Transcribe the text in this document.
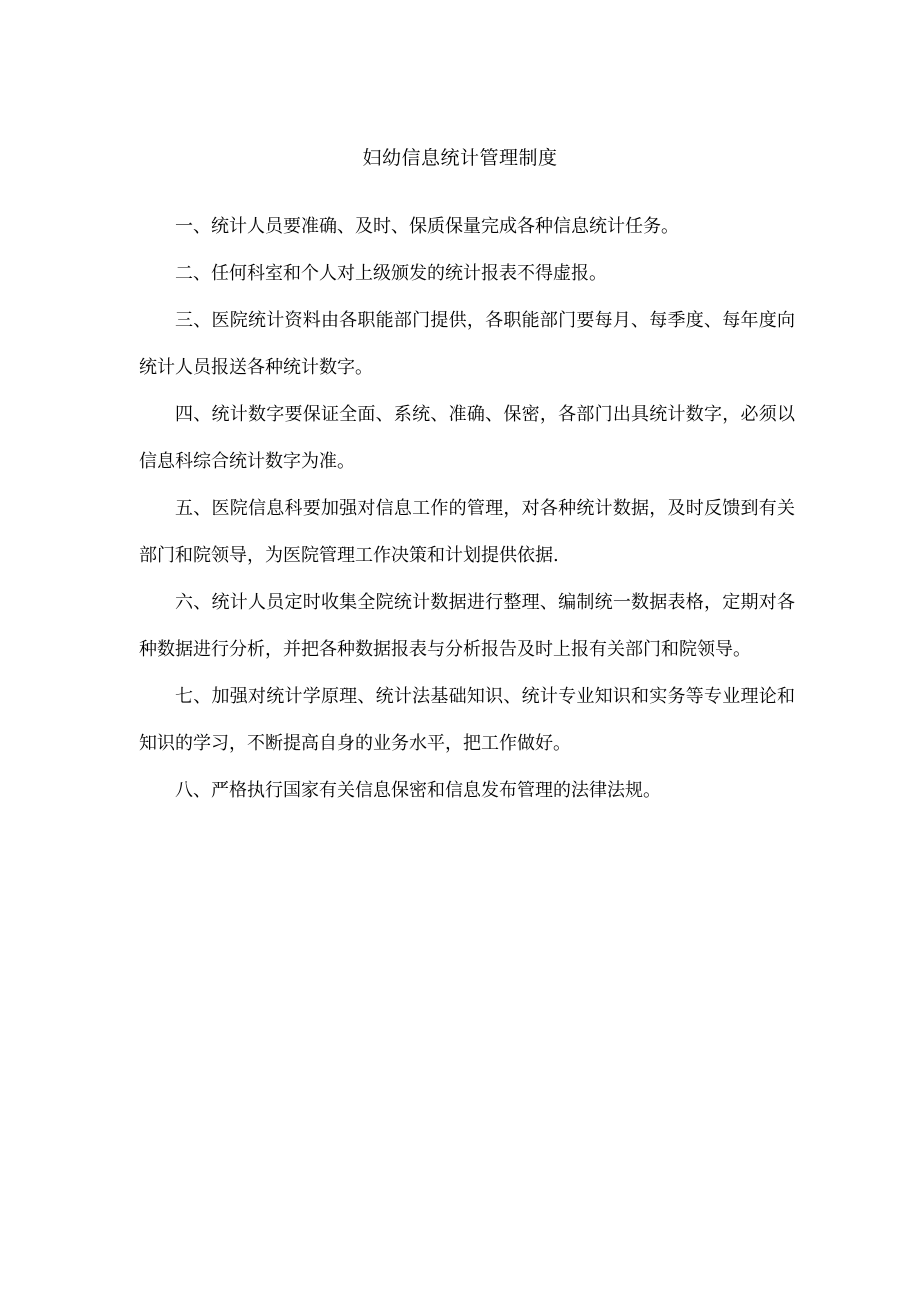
妇幼信息统计管理制度

一、统计人员要准确、及时、保质保量完成各种信息统计任务。

二、任何科室和个人对上级颁发的统计报表不得虚报。

三、医院统计资料由各职能部门提供，各职能部门要每月、每季度、每年度向统计人员报送各种统计数字。

四、统计数字要保证全面、系统、准确、保密，各部门出具统计数字，必须以信息科综合统计数字为准。

五、医院信息科要加强对信息工作的管理，对各种统计数据，及时反馈到有关部门和院领导，为医院管理工作决策和计划提供依据.

六、统计人员定时收集全院统计数据进行整理、编制统一数据表格，定期对各种数据进行分析，并把各种数据报表与分析报告及时上报有关部门和院领导。

七、加强对统计学原理、统计法基础知识、统计专业知识和实务等专业理论和知识的学习，不断提高自身的业务水平，把工作做好。

八、严格执行国家有关信息保密和信息发布管理的法律法规。
